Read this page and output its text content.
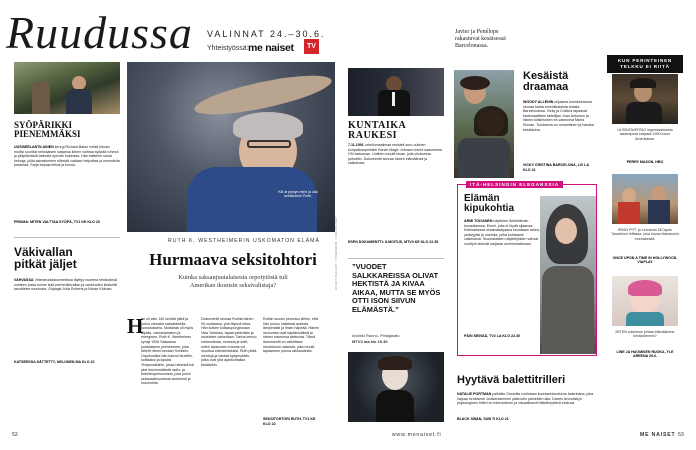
Ruudussa VALINNAT 24.–30.6.
Yhteistyössä: me naiset	TV
SYÖPÄRIKKI
PIENEMMÄKSI
UUSISEELANTILAINEN kirurgi Richard Baker vetää hiiman mullisi suuriksi neliosaisen sarjansa kiihen vaihtaa syöpää rohmut ja ylläpitävästä tarinoita syövän hoidossa. Hän esittelee uusia keinoja, joilla sairastuneen elämää voidaan helpottaa ja ennusteita parantaa. Sarja tarjoaa tietoa ja toivoa.
PRISMA: MITEN VALTTAA SYÖPÄ, TV1 KE KLO 20
Väkivallan
pitkät jäljet
VAHVASSA Vitterseuddokumentissa täyttyy nuorena tehtävänsä suhteen jossa kolme isää perheväkivallan ja vankeuden keskeltä tavoittelee muutosta. Ohjaajat Julia Roberts ja Nicole Kidman.
KATSEESSA KÄTTETTY, NELONEN MA KLO 22
Kill at pystyn mirin ja olla seksitohtori Ruth.
RUTH K. WESTHEIMERIN USKOMATON ELÄMÄ
Hurmaava seksitohtori
Kuinka saksanjuutalaisesta orpotytöstä tuli
Amerikan ikonisin seksivalistaja?
H
än oli vain 140 senttiä pitkä ja puhui vahvalla saksalaisella korostuksella. Muttahän oli myös älykäs, vastustamaton ja energinen. Ruth K. Westheimer syntyi 1928 Saksassa juutalaiseen perheeseen, joka lähetti hänet turvaan Sveitsiin. Orpokodista hän kasvoi Israeliin, sotilaaksi ja lopulta Yhdysvaltoihin, jossa hänestä tuli yksi ensimmäisistä radio- ja televisiopersoonista, joka puhui seksuaalisuudesta avoimesti ja huumorilla.
Dokumentti seuraa Ruthia hänen 90-vuotiaana, yhä täynnä intoa. Hän kulkee kotikaupungissaan New Yorkissa, tapaa ystäviään ja muistelee vaiheitaan. Tarina kertoo rohkeudesta, onnesta ja siitä, miten lapsuuden trauma voi muuttua elämänhaluksi. Ruth pitää luentoja ja vastaa kysymyksiin, jotka ovat yhä ajankohtaisia tänäänkin.
Ruthin suosio perustuu siihen, että hän puhuu vaikeista asioista lämpimästi ja ilman häpeää. Hänen neuvonsa ovat käytännöllisiä ja hänen naurunsa tarttuvaa. Tämä dokumentti on valloittava muotokuva naisesta, joka muutti tapaamme puhua rakkaudesta.
SEKSITOHTORI RUTH, TV1 KE KLO 22
KUVAT PIXHUB / TINGSMAN / HALIAS NET
KUNTAIKA
RAUKESI
7.11.1991 urheilumaailmaa ravisteli suru-uutinen: koripallosupertähti Earvin Magic Johnson kertoi saaneensa HIV-tartunnan. Uutinen muutti tavan, jolla viruksesta puhuttiin. Dokumentti seuraa hänen elämäänsä ja vaikutusta.
ESPN DOKUMENTTI: ILMOITUS, MTV3 KE KLO 22.35
”VUODET SALKKAREISSA OLIVAT HEKTISTÄ JA KIVAA AIKAA, MUTTA SE MYÖS OTTI ISON SIIVUN ELÄMÄSTÄ.”
Annikki Rannu, Pihlajasatu
MTV3 ma klo 19.30
Javier ja Penélope rakastuvat kesäisessä Barcelonassa.
Kesäistä
draamaa
WOODY ALLENIN ohjaama kolmiodraama seuraa kahta amerikkalaista turistia Barcelonassa. Vicky ja Cristina tapaavat karismaattisen taiteilijan Juan Antonion ja hänen tulisieluisen ex-vaimonsa María Elenan. Tuloksena on romanttinen ja hauska kesätarina.
VICKY CRISTINA BARCELONA, LIV LA KLO 21
ITÄ-HELSINGIN ELEGANSSIA
Elämän kipukohtia
ARMI TOIVANEN näyttelee lähiöelämän kuvauksessa. Emmi, joka ei löydä sijaansa. Kotimaisessa draamasarjassa seurataan arkea, ystävyyttä ja unelmia, jotka kohtaavat vaikeuksia. Suomalaisten näyttelijöiden vahvat roolityöt tekevät sarjasta unohtumattoman.
PÄIN SEINÄÄ, TV2 LA KLO 22.30
Hyytävä balettitrilleri
NATALIE PORTMAN palkittiin Oscarilla roolistaan ​​kunnianhimoisena balerinana, joka hajoaa henkisesti Joutsenlammen pääroolin paineiden alla. Darren Aronofskyn psykologinen trilleri on intensiivinen ja visuaalisesti hätkähdyttävä elokuva.
BLACK SWAN, SUB TI KLO 21
KUN PERINTEINEN TELKKU EI RIITÄ
UUSINTAVERSIO legendaarisesta asianajosta sarjasta 1990-luvun Amerikassa.
PERRY MASON, HBO
BRAD PITT ja Leonardo DiCaprio Tarantinon leffassa, joka kuvaa Manssonin murhakesää.
ONCE UPON A TIME IN HOLLYWOOD, VIAPLAY
MITEN voisimme johtaa elämäämme kestävämmin?
LINE JA HUOMISEN RUOKA, YLE AREENA 29.6.
52	www.menaiset.fi	ME NAISET 53
